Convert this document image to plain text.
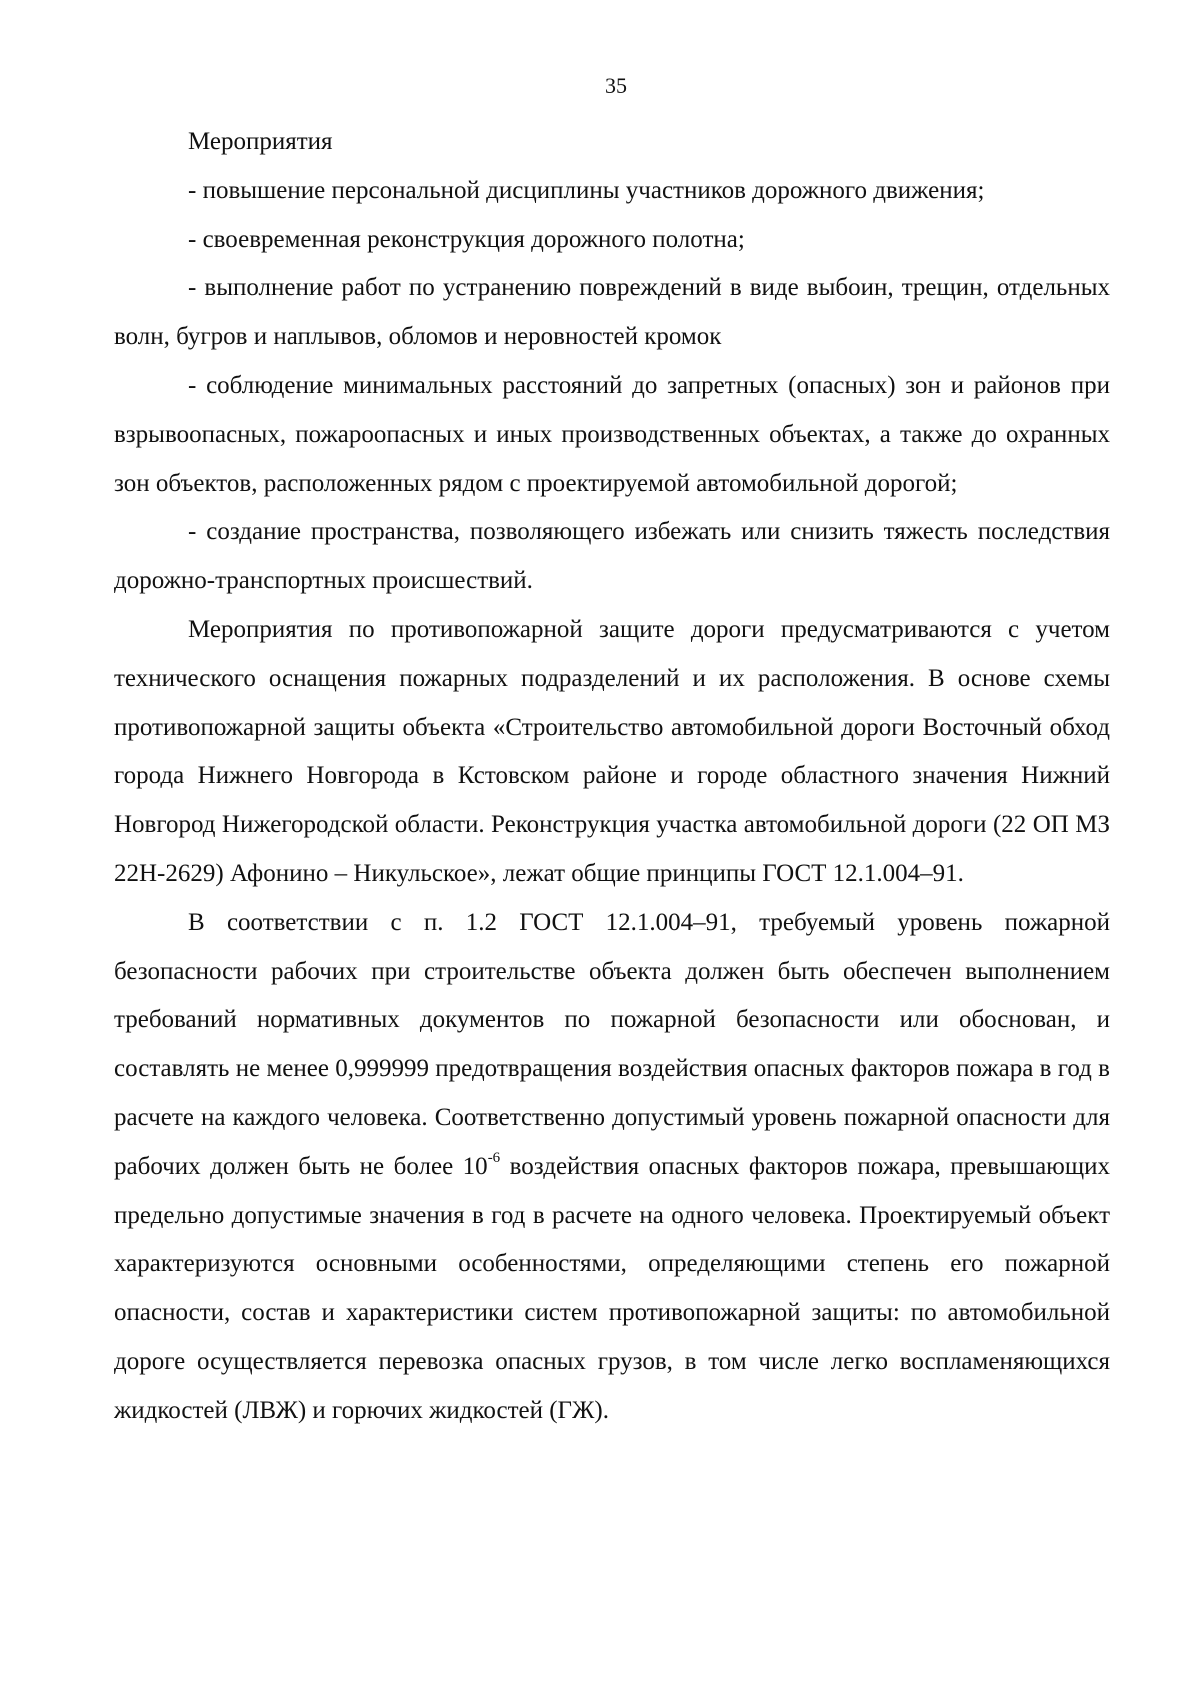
35

Мероприятия

- повышение персональной дисциплины участников дорожного движения;

- своевременная реконструкция дорожного полотна;

- выполнение работ по устранению повреждений в виде выбоин, трещин, отдельных волн, бугров и наплывов, обломов и неровностей кромок

- соблюдение минимальных расстояний до запретных (опасных) зон и районов при взрывоопасных, пожароопасных и иных производственных объектах, а также до охранных зон объектов, расположенных рядом с проектируемой автомобильной дорогой;

- создание пространства, позволяющего избежать или снизить тяжесть последствия дорожно-транспортных происшествий.

Мероприятия по противопожарной защите дороги предусматриваются с учетом технического оснащения пожарных подразделений и их расположения. В основе схемы противопожарной защиты объекта «Строительство автомобильной дороги Восточный обход города Нижнего Новгорода в Кстовском районе и городе областного значения Нижний Новгород Нижегородской области. Реконструкция участка автомобильной дороги (22 ОП МЗ 22Н-2629) Афонино – Никульское», лежат общие принципы ГОСТ 12.1.004–91.

В соответствии с п. 1.2 ГОСТ 12.1.004–91, требуемый уровень пожарной безопасности рабочих при строительстве объекта должен быть обеспечен выполнением требований нормативных документов по пожарной безопасности или обоснован, и составлять не менее 0,999999 предотвращения воздействия опасных факторов пожара в год в расчете на каждого человека. Соответственно допустимый уровень пожарной опасности для рабочих должен быть не более $10^{-6}$ воздействия опасных факторов пожара, превышающих предельно допустимые значения в год в расчете на одного человека. Проектируемый объект характеризуются основными особенностями, определяющими степень его пожарной опасности, состав и характеристики систем противопожарной защиты: по автомобильной дороге осуществляется перевозка опасных грузов, в том числе легко воспламеняющихся жидкостей (ЛВЖ) и горючих жидкостей (ГЖ).
